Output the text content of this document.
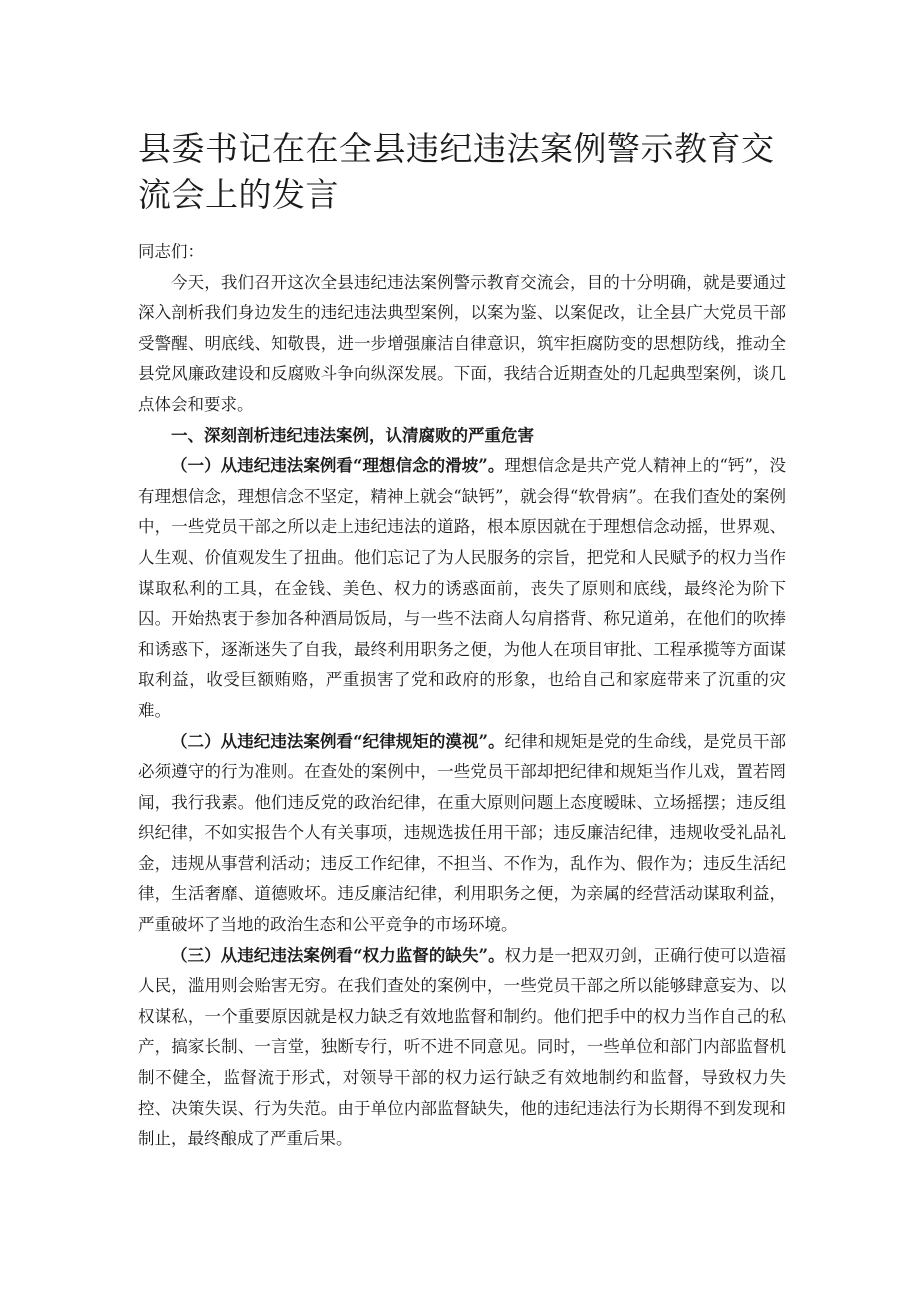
县委书记在在全县违纪违法案例警示教育交流会上的发言

同志们：

今天，我们召开这次全县违纪违法案例警示教育交流会，目的十分明确，就是要通过深入剖析我们身边发生的违纪违法典型案例，以案为鉴、以案促改，让全县广大党员干部受警醒、明底线、知敬畏，进一步增强廉洁自律意识，筑牢拒腐防变的思想防线，推动全县党风廉政建设和反腐败斗争向纵深发展。下面，我结合近期查处的几起典型案例，谈几点体会和要求。

一、深刻剖析违纪违法案例，认清腐败的严重危害

（一）从违纪违法案例看“理想信念的滑坡”。理想信念是共产党人精神上的“钙”，没有理想信念，理想信念不坚定，精神上就会“缺钙”，就会得“软骨病”。在我们查处的案例中，一些党员干部之所以走上违纪违法的道路，根本原因就在于理想信念动摇，世界观、人生观、价值观发生了扭曲。他们忘记了为人民服务的宗旨，把党和人民赋予的权力当作谋取私利的工具，在金钱、美色、权力的诱惑面前，丧失了原则和底线，最终沦为阶下囚。开始热衷于参加各种酒局饭局，与一些不法商人勾肩搭背、称兄道弟，在他们的吹捧和诱惑下，逐渐迷失了自我，最终利用职务之便，为他人在项目审批、工程承揽等方面谋取利益，收受巨额贿赂，严重损害了党和政府的形象，也给自己和家庭带来了沉重的灾难。

（二）从违纪违法案例看“纪律规矩的漠视”。纪律和规矩是党的生命线，是党员干部必须遵守的行为准则。在查处的案例中，一些党员干部却把纪律和规矩当作儿戏，置若罔闻，我行我素。他们违反党的政治纪律，在重大原则问题上态度暧昧、立场摇摆；违反组织纪律，不如实报告个人有关事项，违规选拔任用干部；违反廉洁纪律，违规收受礼品礼金，违规从事营利活动；违反工作纪律，不担当、不作为，乱作为、假作为；违反生活纪律，生活奢靡、道德败坏。违反廉洁纪律，利用职务之便，为亲属的经营活动谋取利益，严重破坏了当地的政治生态和公平竞争的市场环境。

（三）从违纪违法案例看“权力监督的缺失”。权力是一把双刃剑，正确行使可以造福人民，滥用则会贻害无穷。在我们查处的案例中，一些党员干部之所以能够肆意妄为、以权谋私，一个重要原因就是权力缺乏有效地监督和制约。他们把手中的权力当作自己的私产，搞家长制、一言堂，独断专行，听不进不同意见。同时，一些单位和部门内部监督机制不健全，监督流于形式，对领导干部的权力运行缺乏有效地制约和监督，导致权力失控、决策失误、行为失范。由于单位内部监督缺失，他的违纪违法行为长期得不到发现和制止，最终酿成了严重后果。
